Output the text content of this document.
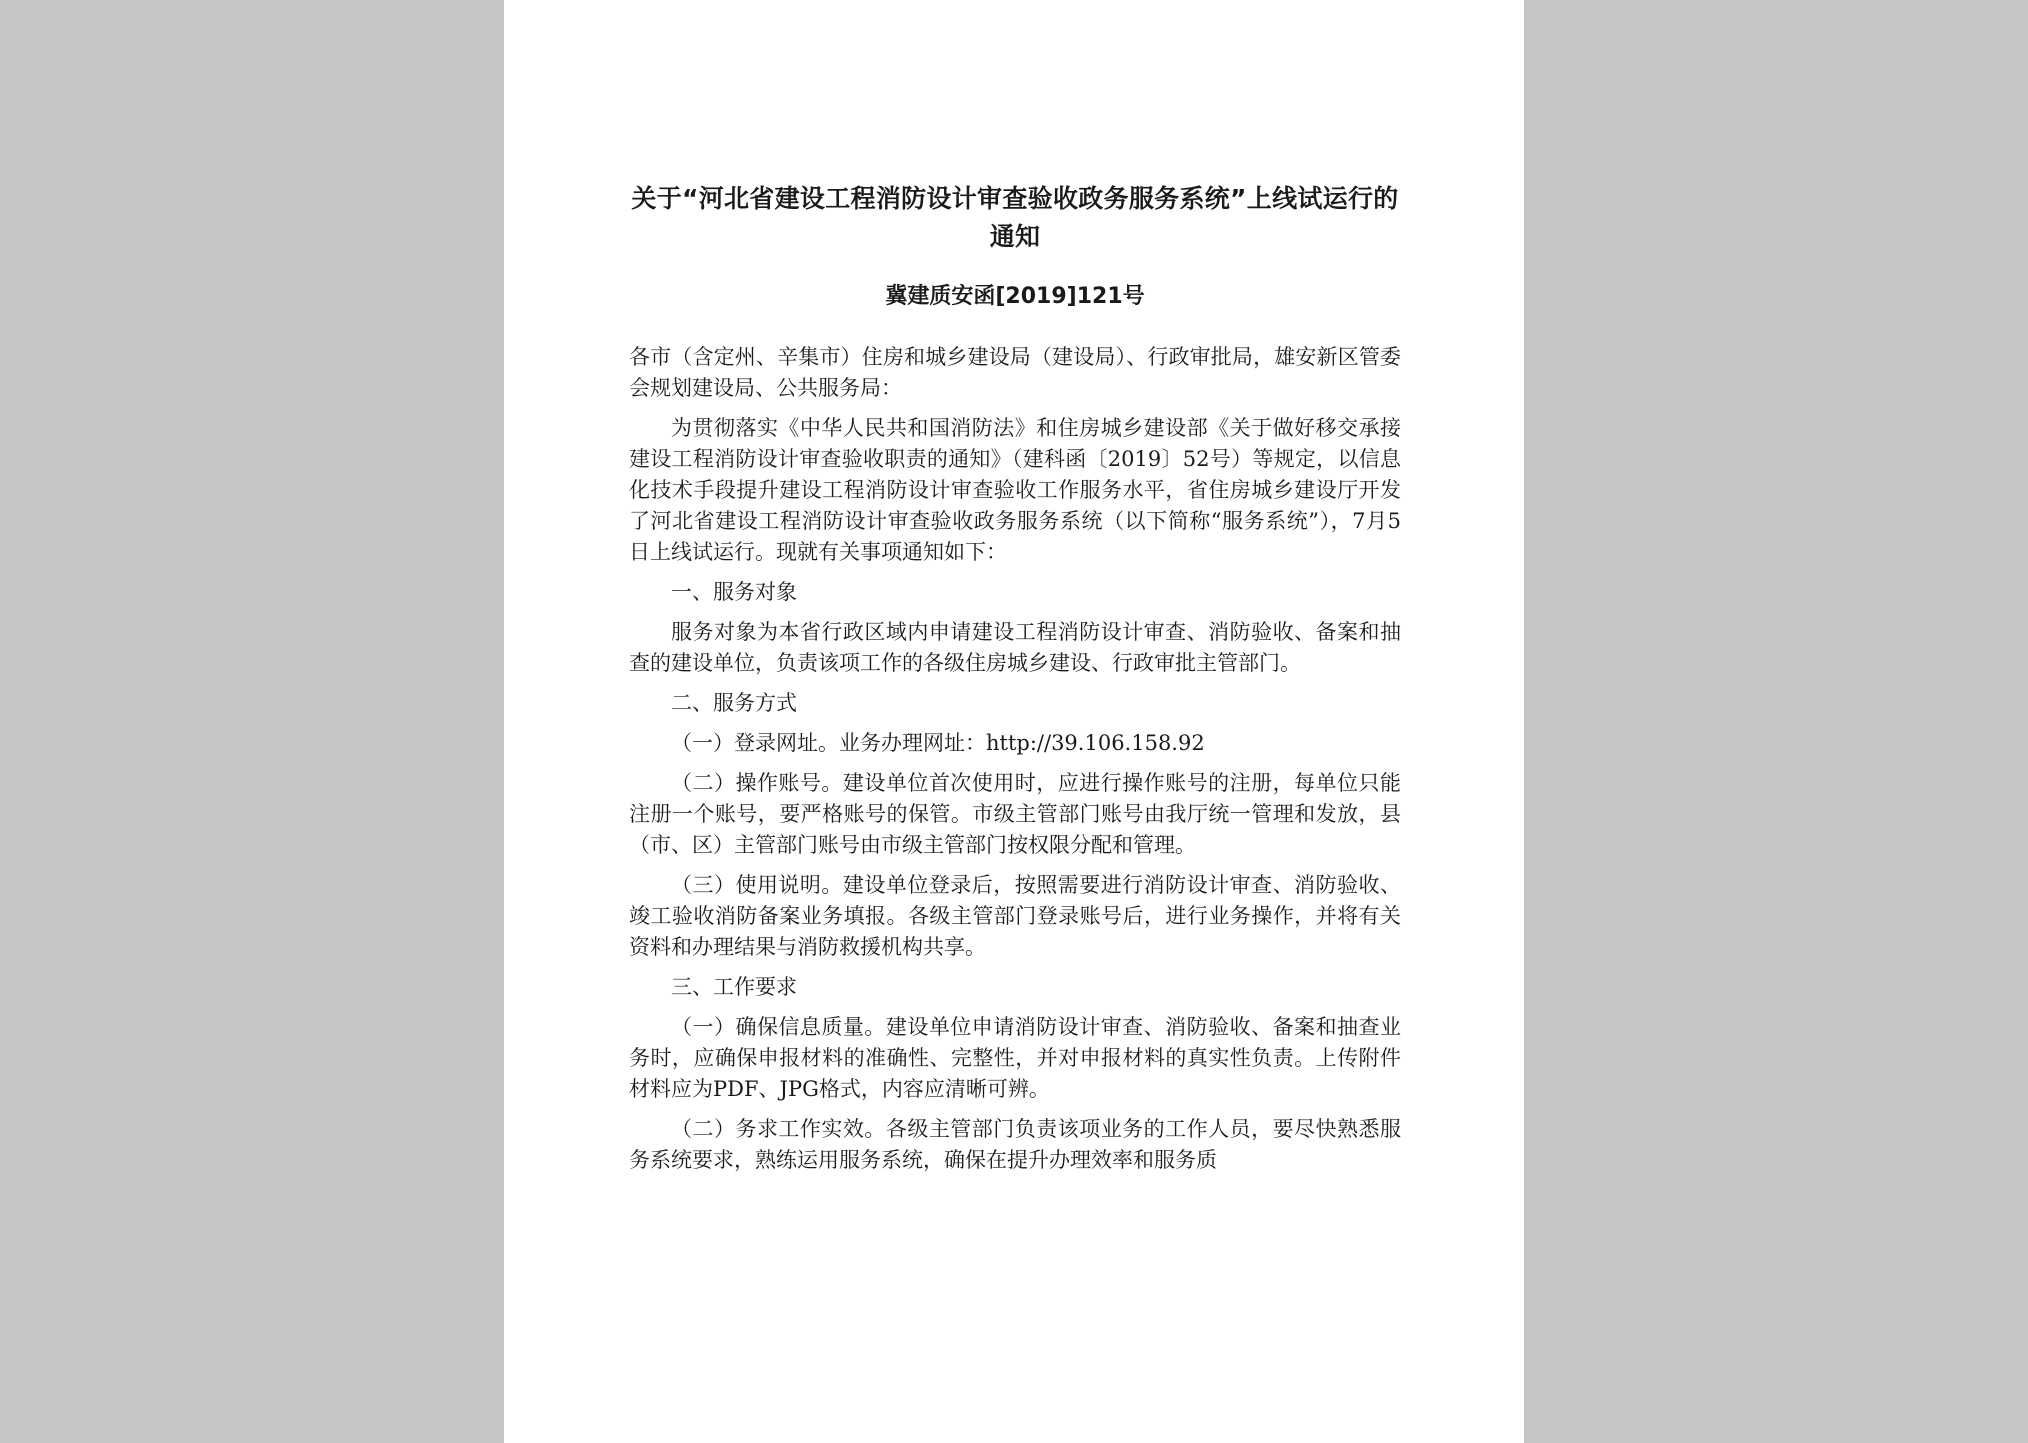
关于“河北省建设工程消防设计审查验收政务服务系统”上线试运行的通知

冀建质安函[2019]121号

各市（含定州、辛集市）住房和城乡建设局（建设局）、行政审批局，雄安新区管委会规划建设局、公共服务局：

为贯彻落实《中华人民共和国消防法》和住房城乡建设部《关于做好移交承接建设工程消防设计审查验收职责的通知》（建科函〔2019〕52号）等规定，以信息化技术手段提升建设工程消防设计审查验收工作服务水平，省住房城乡建设厅开发了河北省建设工程消防设计审查验收政务服务系统（以下简称“服务系统”），7月5日上线试运行。现就有关事项通知如下：

一、服务对象

服务对象为本省行政区域内申请建设工程消防设计审查、消防验收、备案和抽查的建设单位，负责该项工作的各级住房城乡建设、行政审批主管部门。

二、服务方式

（一）登录网址。业务办理网址：http://39.106.158.92

（二）操作账号。建设单位首次使用时，应进行操作账号的注册，每单位只能注册一个账号，要严格账号的保管。市级主管部门账号由我厅统一管理和发放，县（市、区）主管部门账号由市级主管部门按权限分配和管理。

（三）使用说明。建设单位登录后，按照需要进行消防设计审查、消防验收、竣工验收消防备案业务填报。各级主管部门登录账号后，进行业务操作，并将有关资料和办理结果与消防救援机构共享。

三、工作要求

（一）确保信息质量。建设单位申请消防设计审查、消防验收、备案和抽查业务时，应确保申报材料的准确性、完整性，并对申报材料的真实性负责。上传附件材料应为PDF、JPG格式，内容应清晰可辨。

（二）务求工作实效。各级主管部门负责该项业务的工作人员，要尽快熟悉服务系统要求，熟练运用服务系统，确保在提升办理效率和服务质
